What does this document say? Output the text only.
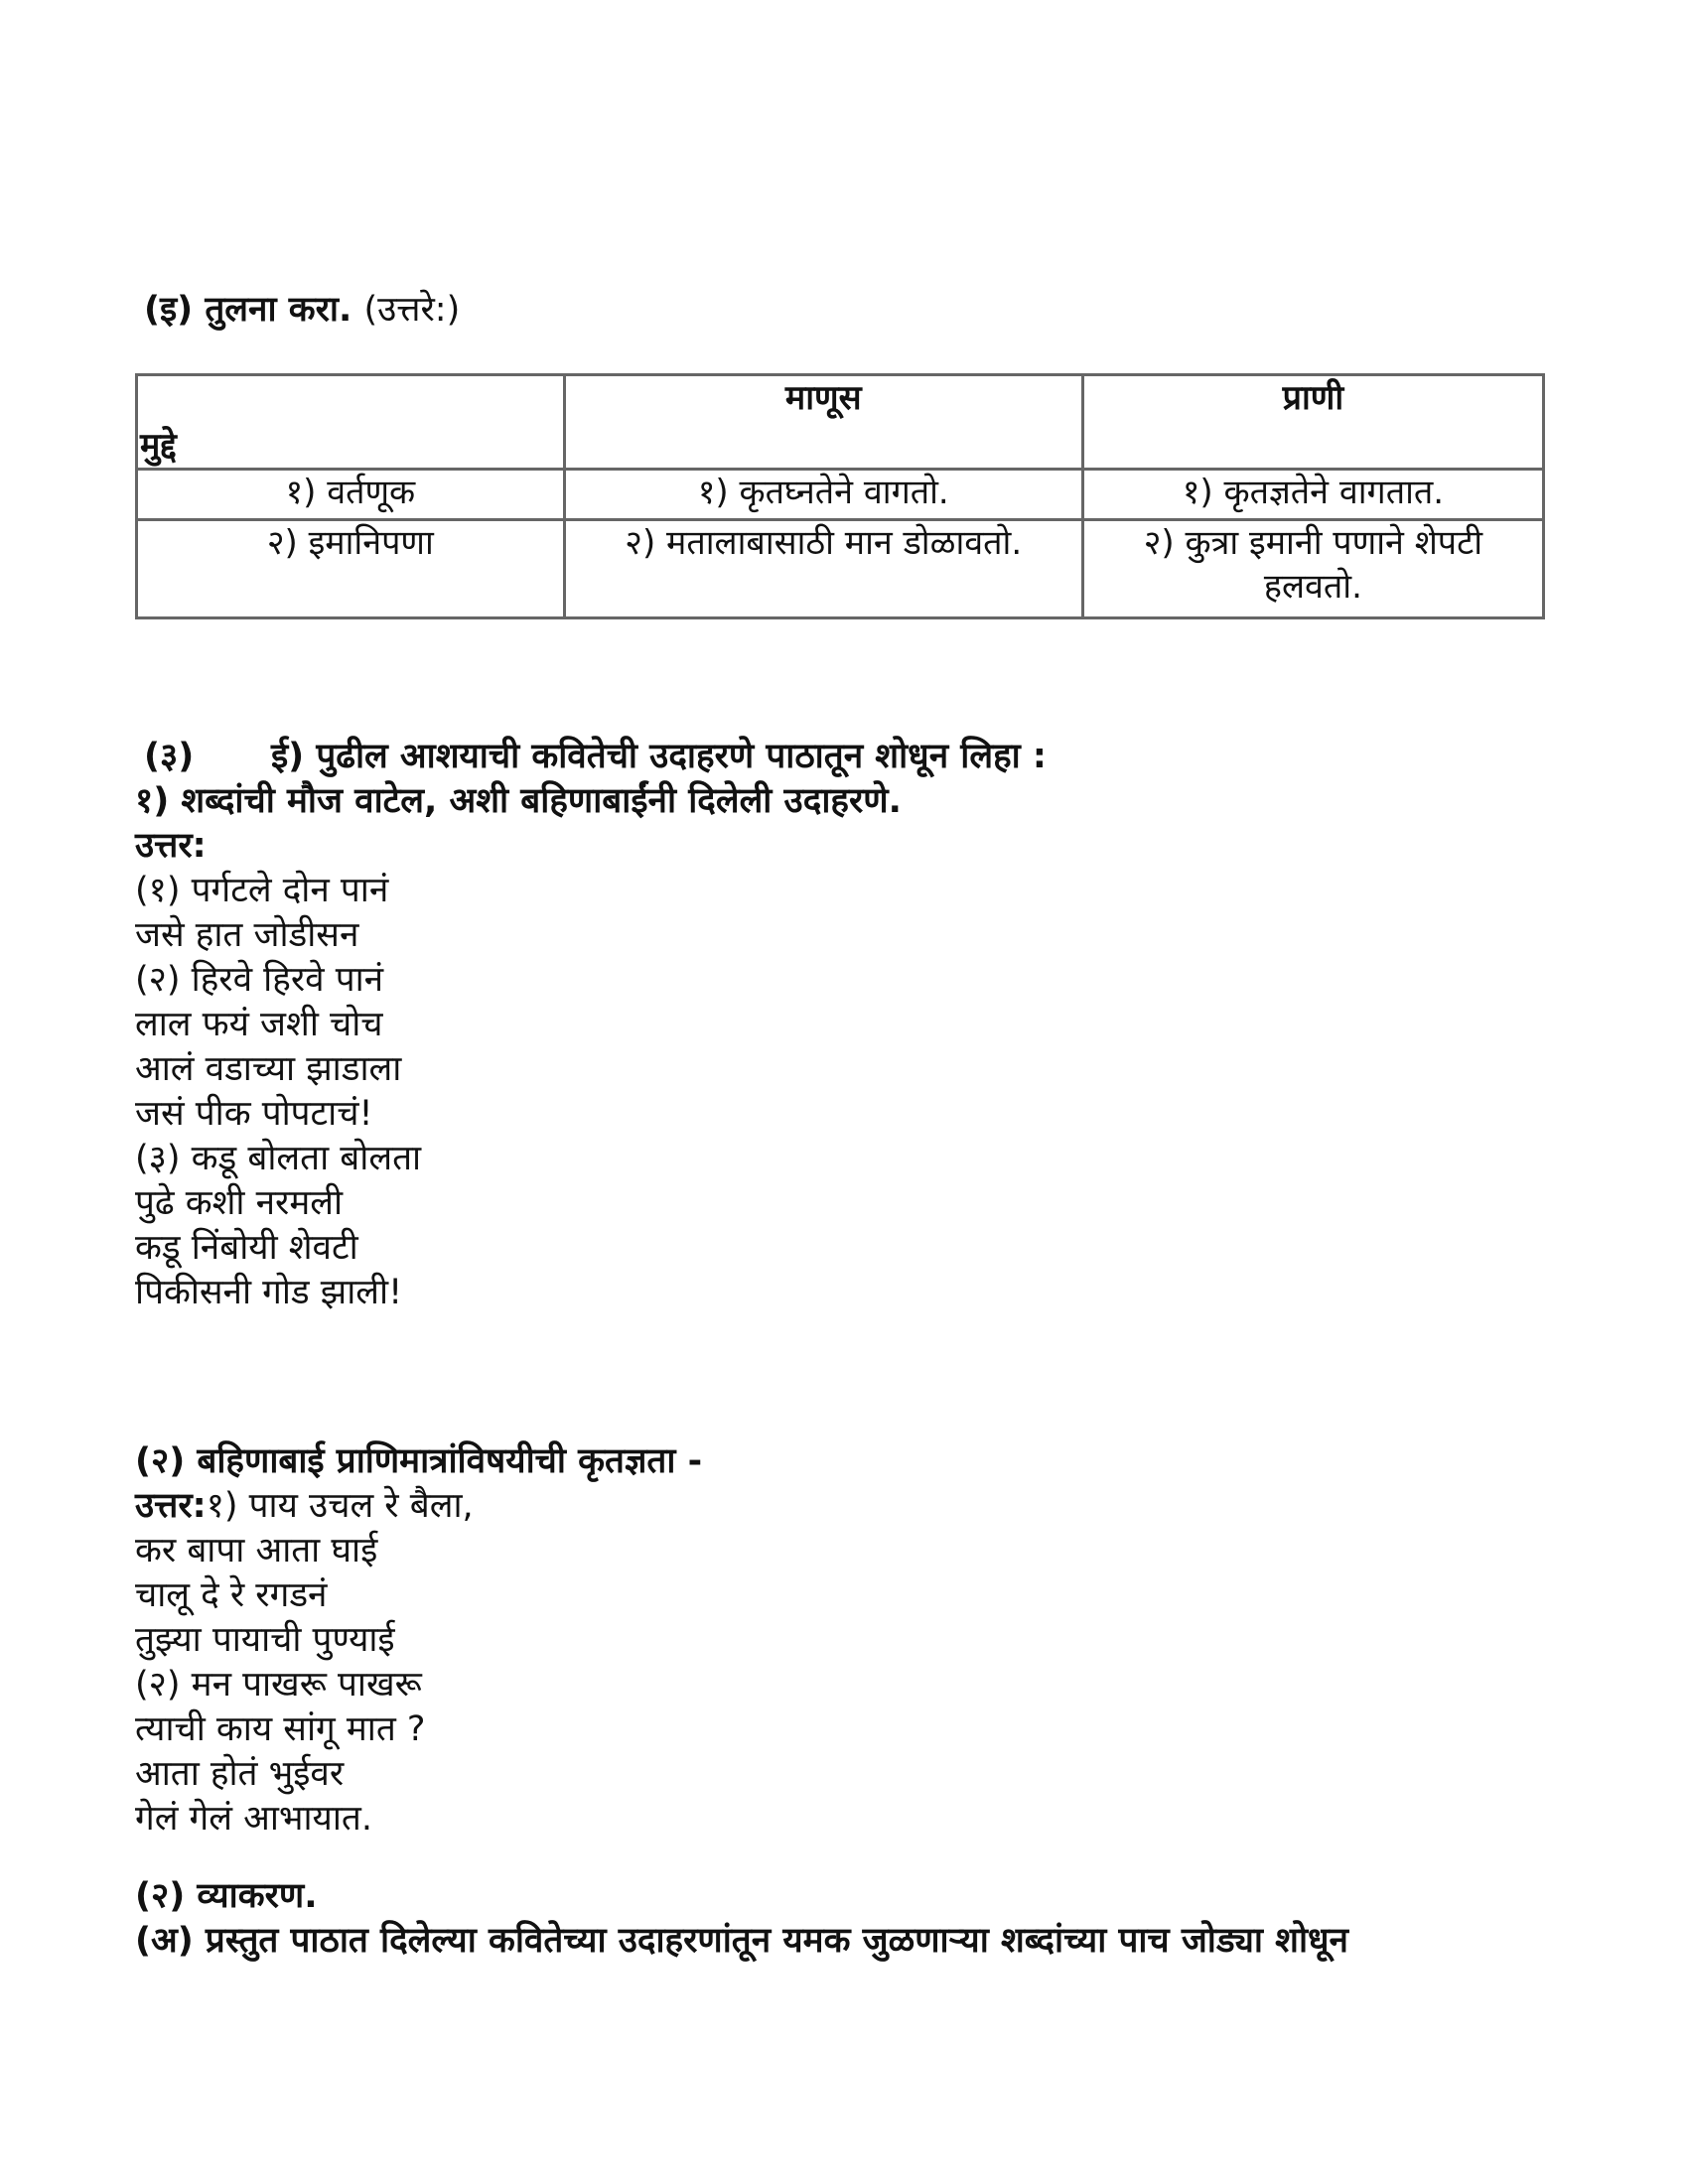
(इ) तुलना करा. (उत्तरे:)
मुद्दे	माणूस	प्राणी
१) वर्तणूक	१) कृतघ्नतेने वागतो.	१) कृतज्ञतेने वागतात.
२) इमानिपणा	२) मतालाबासाठी मान डोळावतो.	२) कुत्रा इमानी पणाने शेपटी हलवतो.
(३) ई) पुढील आशयाची कवितेची उदाहरणे पाठातून शोधून लिहा :
१) शब्दांची मौज वाटेल, अशी बहिणाबाईंनी दिलेली उदाहरणे.
उत्तर:
(१) पर्गटले दोन पानं
जसे हात जोडीसन
(२) हिरवे हिरवे पानं
लाल फयं जशी चोच
आलं वडाच्या झाडाला
जसं पीक पोपटाचं!
(३) कडू बोलता बोलता
पुढे कशी नरमली
कडू निंबोयी शेवटी
पिकीसनी गोड झाली!
(२) बहिणाबाई प्राणिमात्रांविषयीची कृतज्ञता -
उत्तर:१) पाय उचल रे बैला,
कर बापा आता घाई
चालू दे रे रगडनं
तुझ्या पायाची पुण्याई
(२) मन पाखरू पाखरू
त्याची काय सांगू मात ?
आता होतं भुईवर
गेलं गेलं आभायात.
(२) व्याकरण.
(अ) प्रस्तुत पाठात दिलेल्या कवितेच्या उदाहरणांतून यमक जुळणाऱ्या शब्दांच्या पाच जोड्या शोधून
